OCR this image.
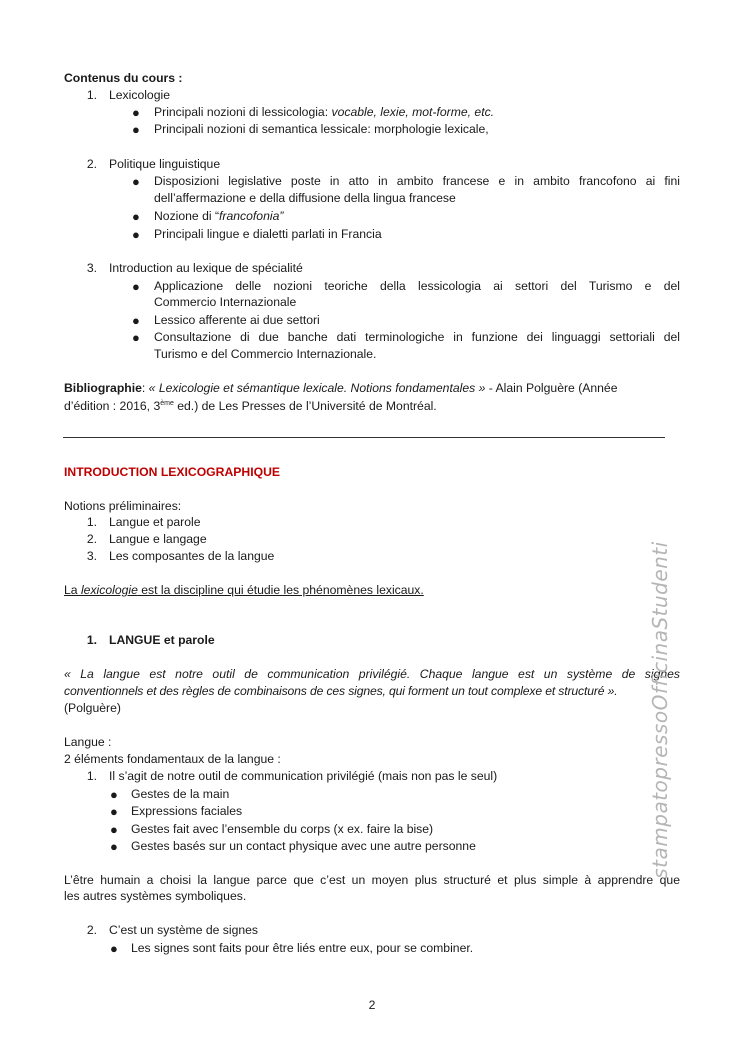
Contenus du cours :
1. Lexicologie
● Principali nozioni di lessicologia: vocable, lexie, mot-forme, etc.
● Principali nozioni di semantica lessicale: morphologie lexicale,
2. Politique linguistique
● Disposizioni legislative poste in atto in ambito francese e in ambito francofono ai fini
dell’affermazione e della diffusione della lingua francese
● Nozione di “francofonia”
● Principali lingue e dialetti parlati in Francia
3. Introduction au lexique de spécialité
● Applicazione delle nozioni teoriche della lessicologia ai settori del Turismo e del
Commercio Internazionale
● Lessico afferente ai due settori
● Consultazione di due banche dati terminologiche in funzione dei linguaggi settoriali del
Turismo e del Commercio Internazionale.
Bibliographie: « Lexicologie et sémantique lexicale. Notions fondamentales » - Alain Polguère (Année
d’édition : 2016, 3ème ed.) de Les Presses de l’Université de Montréal.
INTRODUCTION LEXICOGRAPHIQUE
Notions préliminaires:
1. Langue et parole
2. Langue e langage
3. Les composantes de la langue
La lexicologie est la discipline qui étudie les phénomènes lexicaux.
1. LANGUE et parole
« La langue est notre outil de communication privilégié. Chaque langue est un système de signes
conventionnels et des règles de combinaisons de ces signes, qui forment un tout complexe et structuré ».
(Polguère)
Langue :
2 éléments fondamentaux de la langue :
1. Il s’agit de notre outil de communication privilégié (mais non pas le seul)
● Gestes de la main
● Expressions faciales
● Gestes fait avec l’ensemble du corps (x ex. faire la bise)
● Gestes basés sur un contact physique avec une autre personne
L’être humain a choisi la langue parce que c’est un moyen plus structuré et plus simple à apprendre que
les autres systèmes symboliques.
2. C’est un système de signes
● Les signes sont faits pour être liés entre eux, pour se combiner.
stampatopressoOfficinaStudenti
2
